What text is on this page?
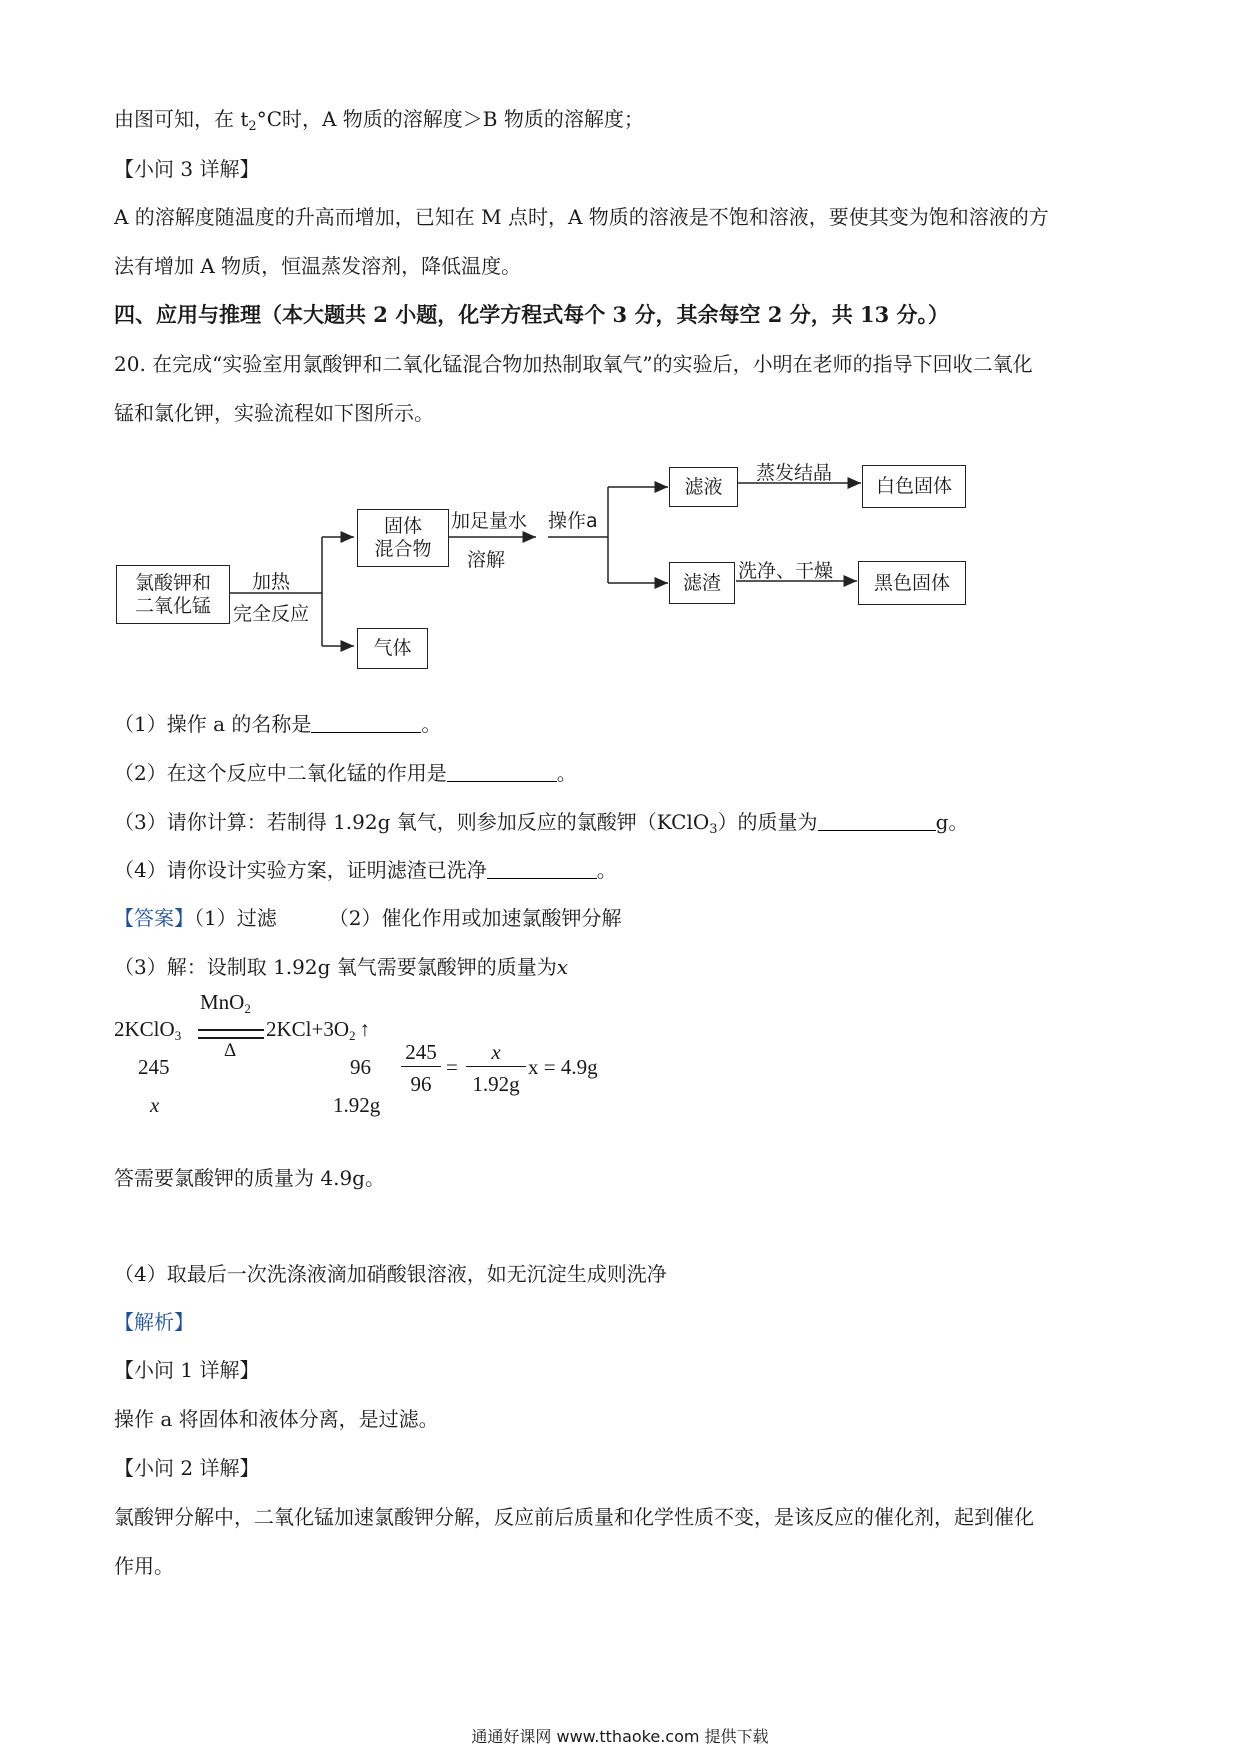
由图可知，在 $t_2^\circ C$时，A 物质的溶解度＞B 物质的溶解度；
【小问 3 详解】
A 的溶解度随温度的升高而增加，已知在 M 点时，A 物质的溶液是不饱和溶液，要使其变为饱和溶液的方
法有增加 A 物质，恒温蒸发溶剂，降低温度。
四、应用与推理（本大题共 2 小题，化学方程式每个 3 分，其余每空 2 分，共 13 分。）
20. 在完成“实验室用氯酸钾和二氧化锰混合物加热制取氧气”的实验后，小明在老师的指导下回收二氧化
锰和氯化钾，实验流程如下图所示。
氯酸钾和
二氧化锰
加热
完全反应
固体
混合物
气体
加足量水
溶解
操作a
滤液
滤渣
蒸发结晶
洗净、干燥
白色固体
黑色固体
（1）操作 a 的名称是	。
（2）在这个反应中二氧化锰的作用是	。
（3）请你计算：若制得 1.92g 氧气，则参加反应的氯酸钾（KClO$_3$）的质量为	g。
（4）请你设计实验方案，证明滤渣已洗净	。
【答案】（1）过滤	（2）催化作用或加速氯酸钾分解
（3）解：设制取 1.92g 氧气需要氯酸钾的质量为x
2KClO$_3$
MnO$_2$
Δ
$2KCl+3O_2$ ↑
245	96
x	1.92g
245
96
=
x
1.92g
x = 4.9g
答需要氯酸钾的质量为 4.9g。
（4）取最后一次洗涤液滴加硝酸银溶液，如无沉淀生成则洗净
【解析】
【小问 1 详解】
操作 a 将固体和液体分离，是过滤。
【小问 2 详解】
氯酸钾分解中，二氧化锰加速氯酸钾分解，反应前后质量和化学性质不变，是该反应的催化剂，起到催化
作用。
通通好课网 www.tthaoke.com 提供下载
